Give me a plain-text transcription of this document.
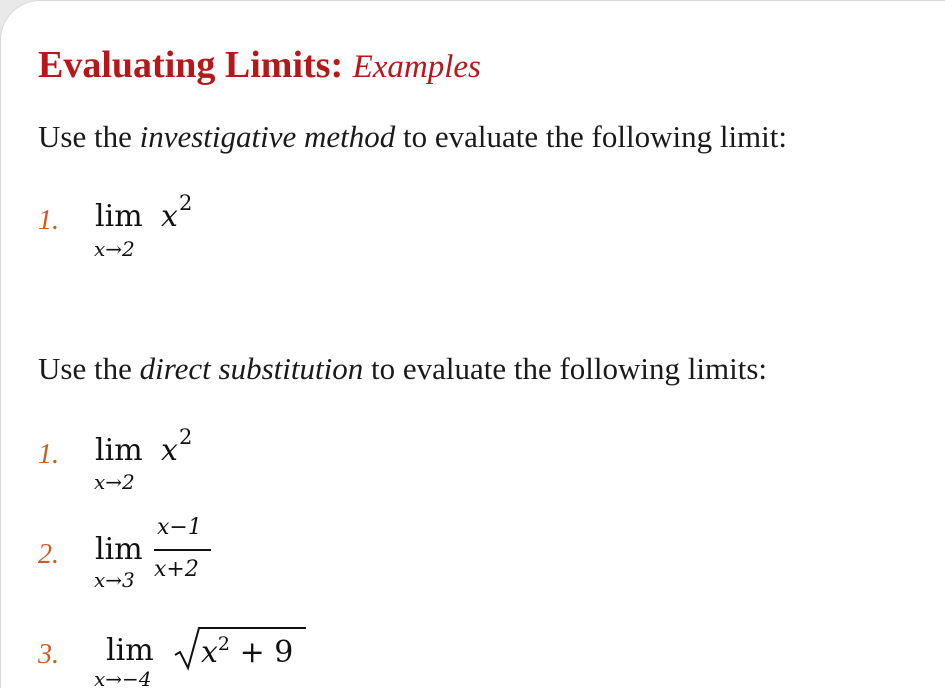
Evaluating Limits: Examples
Use the investigative method to evaluate the following limit:
1. lim
x→2
x 2
Use the direct substitution to evaluate the following limits:
1. lim
x→2
x 2
2. lim
x→3
x−1
x+2
3. lim
x→−4
$x^2 + 9$
